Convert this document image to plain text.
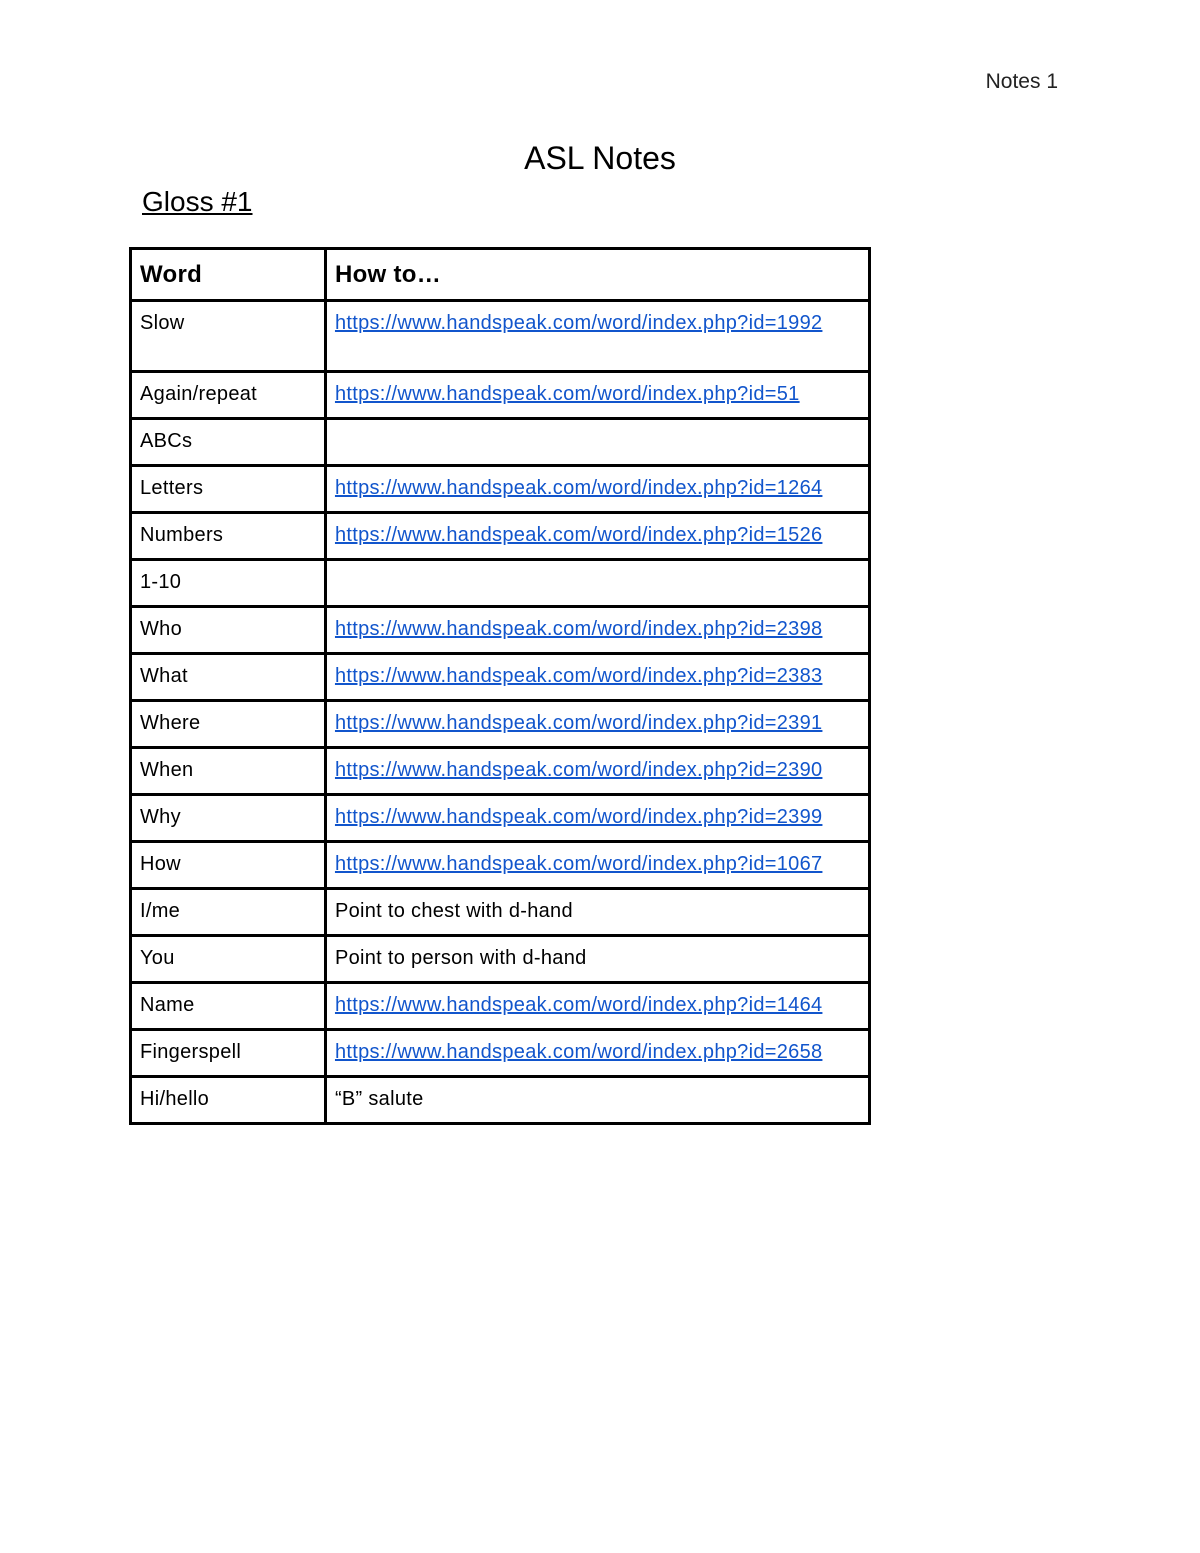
Notes 1
ASL Notes
Gloss #1
Word	How to…
Slow	https://www.handspeak.com/word/index.php?id=1992
Again/repeat	https://www.handspeak.com/word/index.php?id=51
ABCs	
Letters	https://www.handspeak.com/word/index.php?id=1264
Numbers	https://www.handspeak.com/word/index.php?id=1526
1-10	
Who	https://www.handspeak.com/word/index.php?id=2398
What	https://www.handspeak.com/word/index.php?id=2383
Where	https://www.handspeak.com/word/index.php?id=2391
When	https://www.handspeak.com/word/index.php?id=2390
Why	https://www.handspeak.com/word/index.php?id=2399
How	https://www.handspeak.com/word/index.php?id=1067
I/me	Point to chest with d-hand
You	Point to person with d-hand
Name	https://www.handspeak.com/word/index.php?id=1464
Fingerspell	https://www.handspeak.com/word/index.php?id=2658
Hi/hello	“B” salute
